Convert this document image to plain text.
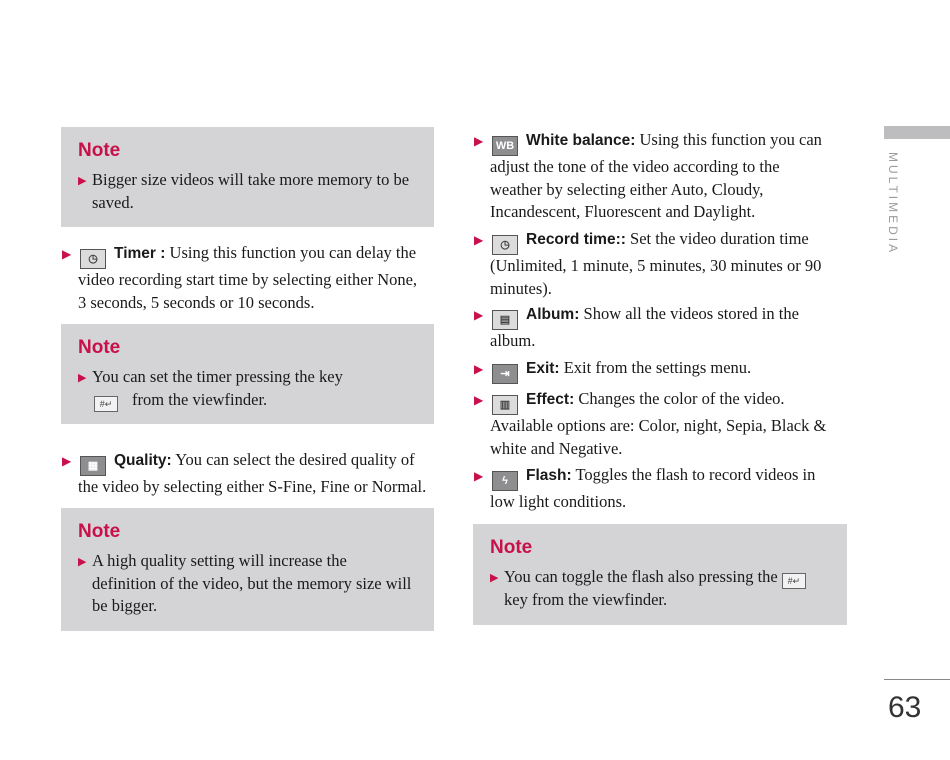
Note
▶ Bigger size videos will take more memory to be
saved.
▶ ◷ Timer : Using this function you can delay the
video recording start time by selecting either None,
3 seconds, 5 seconds or 10 seconds.
Note
▶ You can set the timer pressing the key
#↵ from the viewfinder.
▶ ▦ Quality: You can select the desired quality of
the video by selecting either S-Fine, Fine or Normal.
Note
▶ A high quality setting will increase the
definition of the video, but the memory size will
be bigger.
▶ WB White balance: Using this function you can
adjust the tone of the video according to the
weather by selecting either Auto, Cloudy,
Incandescent, Fluorescent and Daylight.
▶ ◷ Record time:: Set the video duration time
(Unlimited, 1 minute, 5 minutes, 30 minutes or 90
minutes).
▶ ▤ Album: Show all the videos stored in the
album.
▶ ⇥ Exit: Exit from the settings menu.
▶ ▥ Effect: Changes the color of the video.
Available options are: Color, night, Sepia, Black &
white and Negative.
▶ ϟ Flash: Toggles the flash to record videos in
low light conditions.
Note
▶ You can toggle the flash also pressing the #↵
key from the viewfinder.
MULTIMEDIA
63
